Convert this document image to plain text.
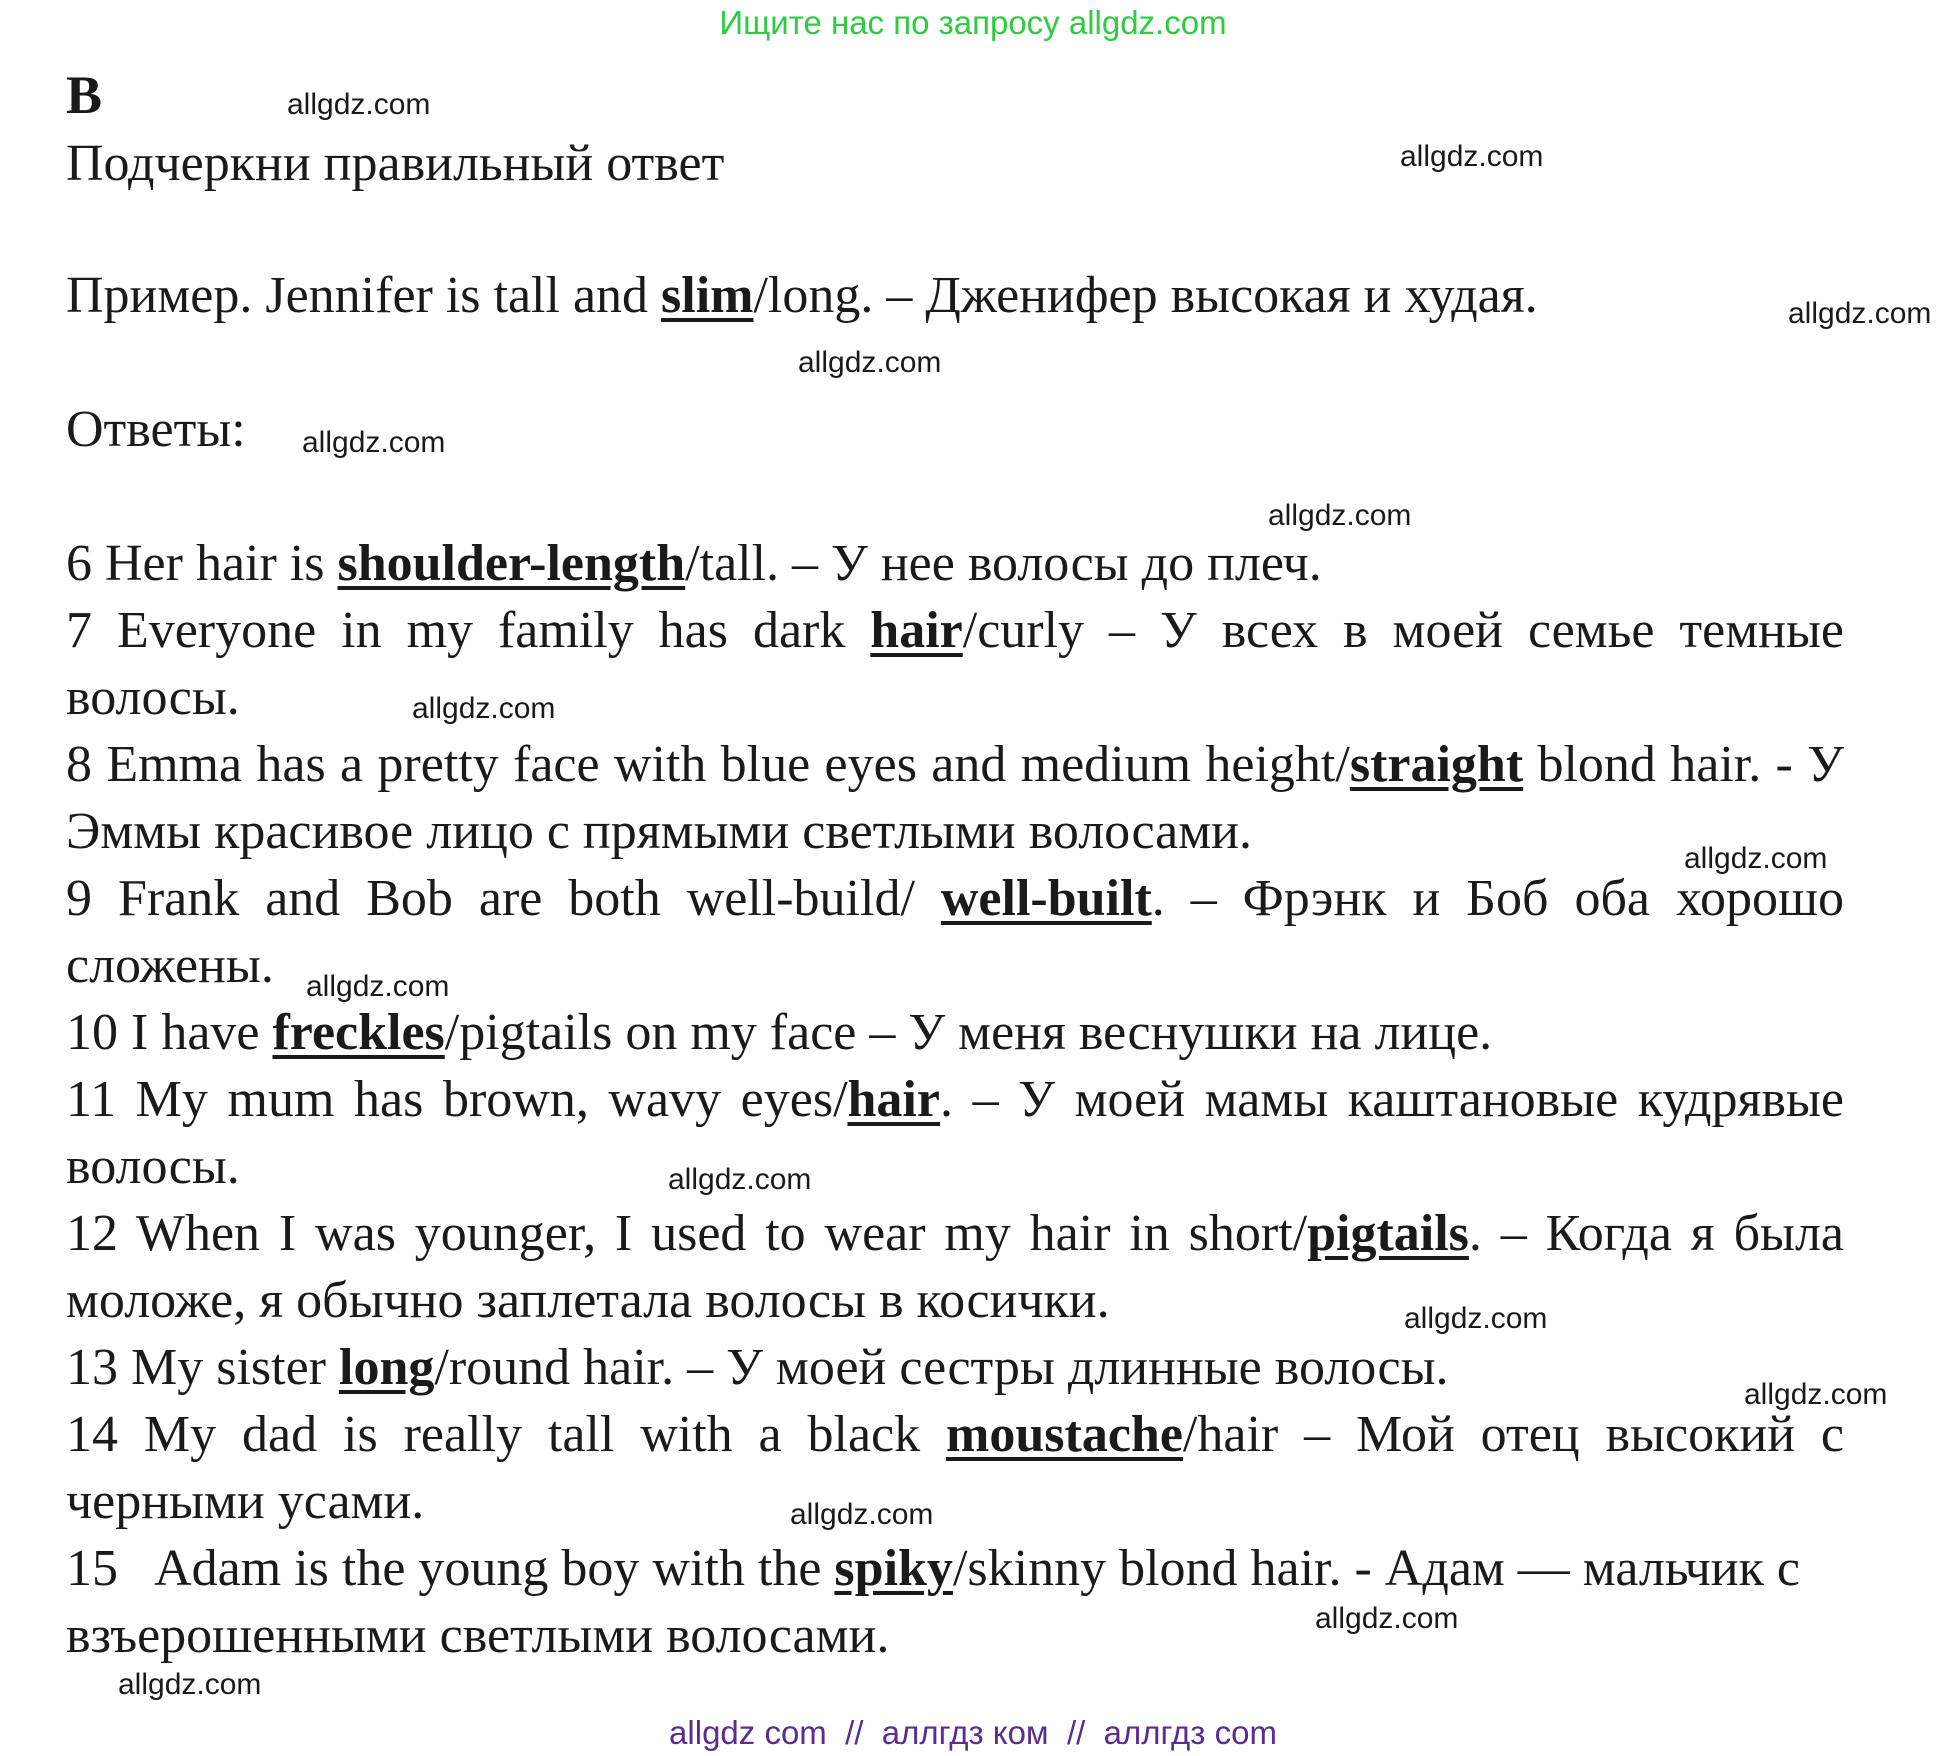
Ищите нас по запросу allgdz.com
B
Подчеркни правильный ответ
Пример. Jennifer is tall and slim/long. – Дженифер высокая и худая.
Ответы:
6 Her hair is shoulder-length/tall. – У нее волосы до плеч.
7 Everyone in my family has dark hair/curly – У всех в моей семье темные волосы.
8 Emma has a pretty face with blue eyes and medium height/straight blond hair. - У Эммы красивое лицо с прямыми светлыми волосами.
9 Frank and Bob are both well-build/ well-built. – Фрэнк и Боб оба хорошо сложены.
10 I have freckles/pigtails on my face – У меня веснушки на лице.
11 My mum has brown, wavy eyes/hair. – У моей мамы каштановые кудрявые волосы.
12 When I was younger, I used to wear my hair in short/pigtails. – Когда я была моложе, я обычно заплетала волосы в косички.
13 My sister long/round hair. – У моей сестры длинные волосы.
14 My dad is really tall with a black moustache/hair – Мой отец высокий с черными усами.
15   Adam is the young boy with the spiky/skinny blond hair. - Адам — мальчик с взъерошенными светлыми волосами.
allgdz.com
allgdz.com
allgdz.com
allgdz.com
allgdz.com
allgdz.com
allgdz.com
allgdz.com
allgdz.com
allgdz.com
allgdz.com
allgdz.com
allgdz.com
allgdz.com
allgdz.com
allgdz com  //  аллгдз ком  //  аллгдз com
